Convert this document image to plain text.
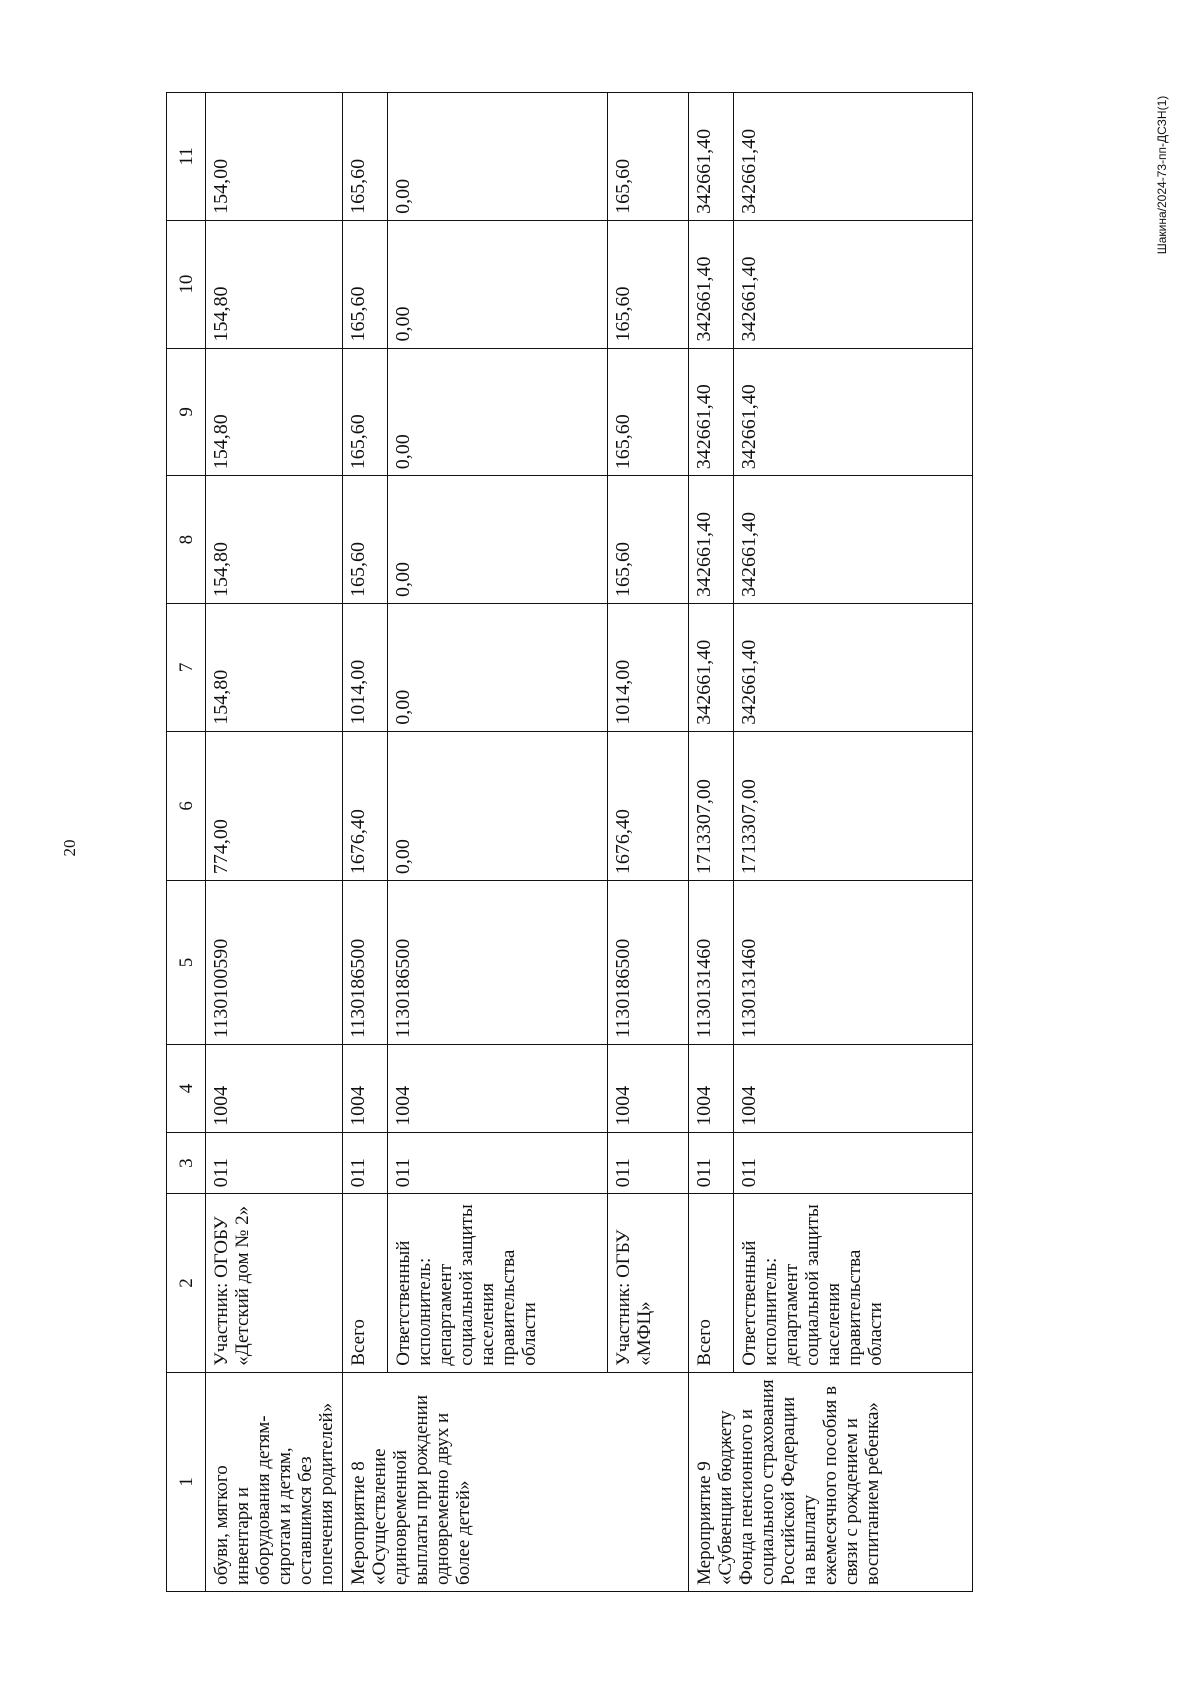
20
Шакина/2024-73-пп-ДСЗН(1)
1	2	3	4	5	6	7	8	9	10	11
обуви, мягкого инвентаря и оборудования детям-сиротам и детям, оставшимся без попечения родителей»	Участник: ОГОБУ «Детский дом № 2»	011	1004	1130100590	774,00	154,80	154,80	154,80	154,80	154,00
Мероприятие 8 «Осуществление единовременной выплаты при рождении одновременно двух и более детей»	Всего	011	1004	1130186500	1676,40	1014,00	165,60	165,60	165,60	165,60
	Ответственный исполнитель: департамент социальной защиты населения правительства области	011	1004	1130186500	0,00	0,00	0,00	0,00	0,00	0,00
	Участник: ОГБУ «МФЦ»	011	1004	1130186500	1676,40	1014,00	165,60	165,60	165,60	165,60
Мероприятие 9 «Субвенции бюджету Фонда пенсионного и социального страхования Российской Федерации на выплату ежемесячного пособия в связи с рождением и воспитанием ребенка»	Всего	011	1004	1130131460	1713307,00	342661,40	342661,40	342661,40	342661,40	342661,40
	Ответственный исполнитель: департамент социальной защиты населения правительства области	011	1004	1130131460	1713307,00	342661,40	342661,40	342661,40	342661,40	342661,40
